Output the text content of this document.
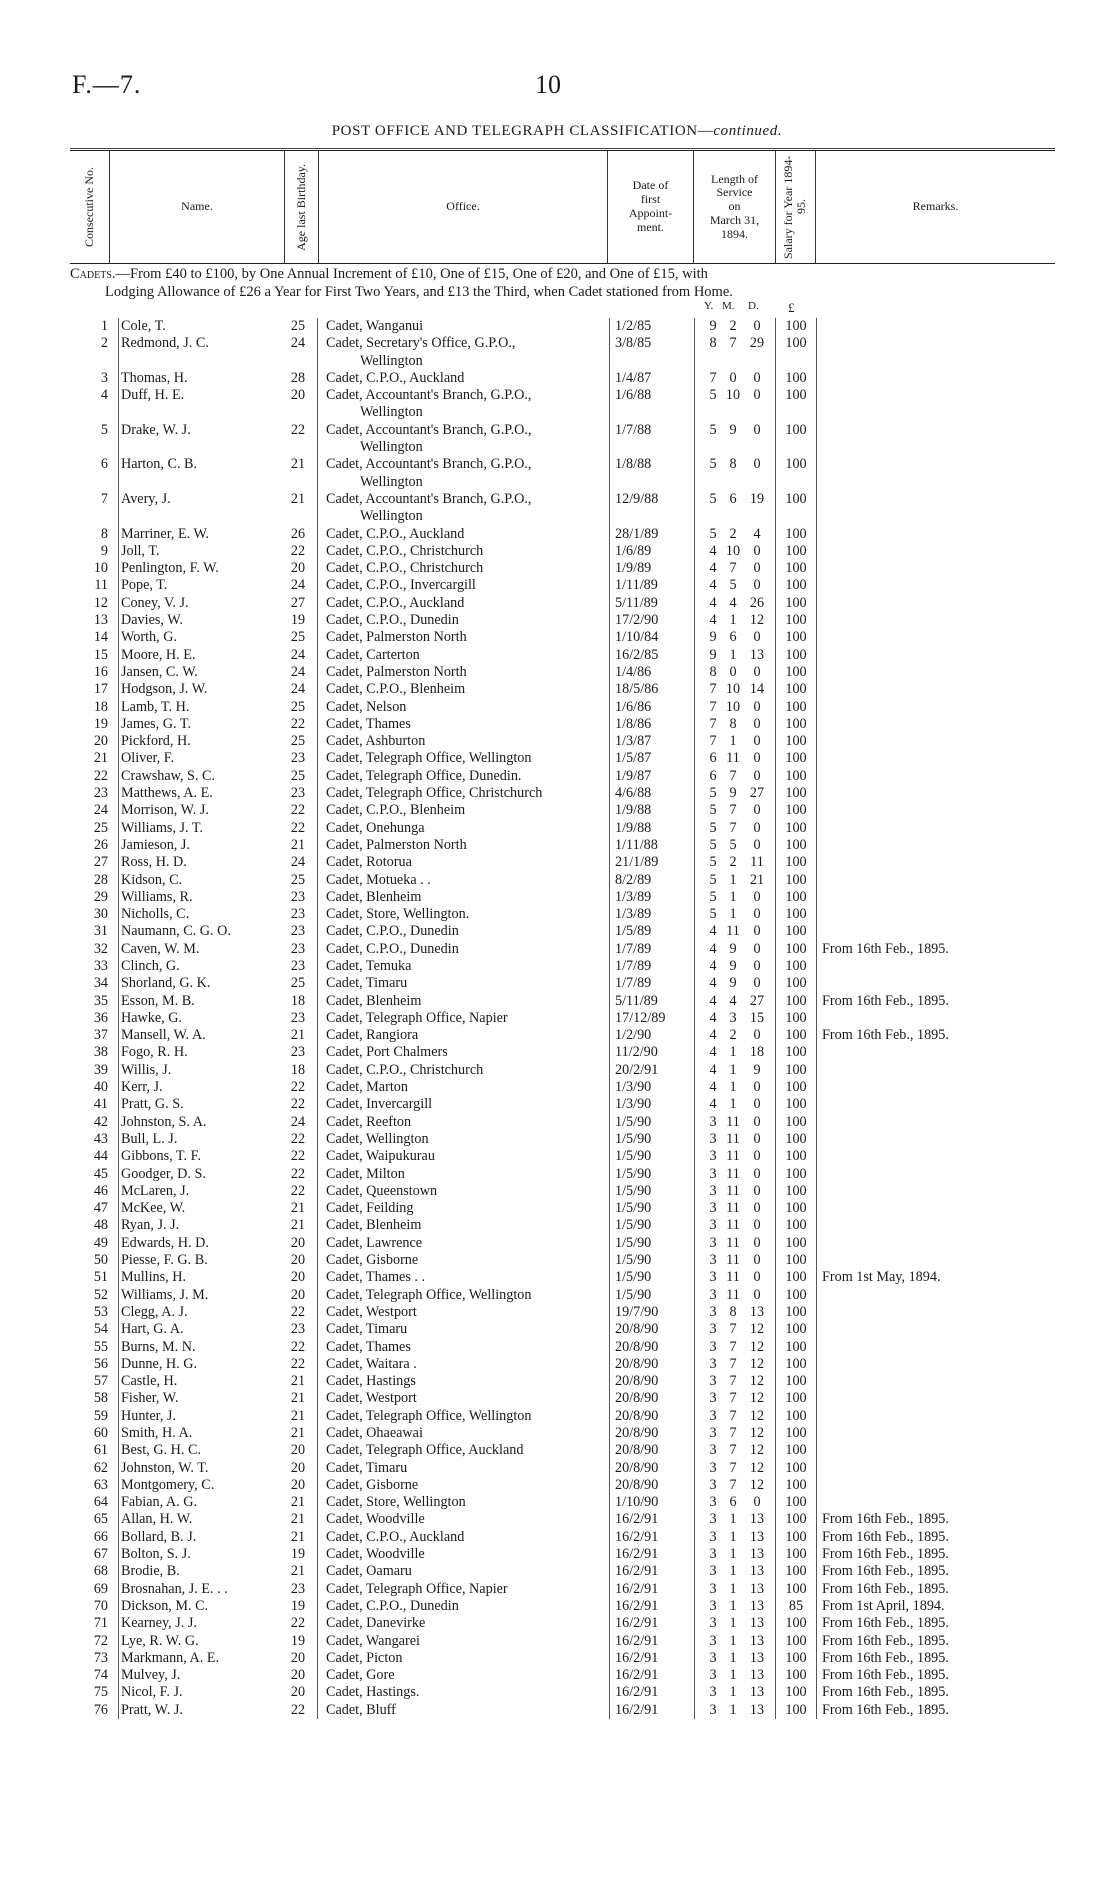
F.—7.	10
POST OFFICE AND TELEGRAPH CLASSIFICATION—continued.
Consecutive No.	Name.	Age last Birthday.	Office.
Date of
first
Appoint-
ment.
Length of
Service
on
March 31,
1894.	Salary for Year 1894-95.	Remarks.
Cadets.—From £40 to £100, by One Annual Increment of £10, One of £15, One of £20, and One of £15, with
Lodging Allowance of £26 a Year for First Two Years, and £13 the Third, when Cadet stationed from Home.
Y. M. D. £
1 Cole, T.	25	Cadet, Wanganui	1/2/85	9 2	0	100
2 Redmond, J. C.	24	Cadet, Secretary's Office, G.P.O.,	3/8/85	8 7 29	100
Wellington
3 Thomas, H.	28	Cadet, C.P.O., Auckland	1/4/87	7 0	0	100
4 Duff, H. E.	20	Cadet, Accountant's Branch, G.P.O.,	1/6/88	5 10 0	100
Wellington
5 Drake, W. J.	22	Cadet, Accountant's Branch, G.P.O.,	1/7/88	5 9	0	100
Wellington
6 Harton, C. B.	21	Cadet, Accountant's Branch, G.P.O.,	1/8/88	5 8	0	100
Wellington
7 Avery, J.	21	Cadet, Accountant's Branch, G.P.O.,	12/9/88	5 6 19	100
Wellington
8 Marriner, E. W.	26	Cadet, C.P.O., Auckland	28/1/89	5 2	4	100
9 Joll, T.	22	Cadet, C.P.O., Christchurch	1/6/89	4 10 0	100
10 Penlington, F. W.	20	Cadet, C.P.O., Christchurch	1/9/89	4 7	0	100
11 Pope, T.	24	Cadet, C.P.O., Invercargill	1/11/89	4 5	0	100
12 Coney, V. J.	27	Cadet, C.P.O., Auckland	5/11/89	4 4 26	100
13 Davies, W.	19	Cadet, C.P.O., Dunedin	17/2/90	4 1 12	100
14 Worth, G.	25	Cadet, Palmerston North	1/10/84	9 6	0	100
15 Moore, H. E.	24	Cadet, Carterton	16/2/85	9 1 13	100
16 Jansen, C. W.	24	Cadet, Palmerston North	1/4/86	8 0	0	100
17 Hodgson, J. W.	24	Cadet, C.P.O., Blenheim	18/5/86	7 10 14	100
18 Lamb, T. H.	25	Cadet, Nelson	1/6/86	7 10 0	100
19 James, G. T.	22	Cadet, Thames	1/8/86	7 8	0	100
20 Pickford, H.	25	Cadet, Ashburton	1/3/87	7 1	0	100
21 Oliver, F.	23	Cadet, Telegraph Office, Wellington	1/5/87	6 11 0	100
22 Crawshaw, S. C.	25	Cadet, Telegraph Office, Dunedin.	1/9/87	6 7	0	100
23 Matthews, A. E.	23	Cadet, Telegraph Office, Christchurch	4/6/88	5 9 27	100
24 Morrison, W. J.	22	Cadet, C.P.O., Blenheim	1/9/88	5 7	0	100
25 Williams, J. T.	22	Cadet, Onehunga	1/9/88	5 7	0	100
26 Jamieson, J.	21	Cadet, Palmerston North	1/11/88	5 5	0	100
27 Ross, H. D.	24	Cadet, Rotorua	21/1/89	5 2 11	100
28 Kidson, C.	25	Cadet, Motueka . .	8/2/89	5 1 21	100
29 Williams, R.	23	Cadet, Blenheim	1/3/89	5 1	0	100
30 Nicholls, C.	23	Cadet, Store, Wellington.	1/3/89	5 1	0	100
31 Naumann, C. G. O.	23	Cadet, C.P.O., Dunedin	1/5/89	4 11 0	100
32 Caven, W. M.	23	Cadet, C.P.O., Dunedin	1/7/89	4 9	0	100	From 16th Feb., 1895.
33 Clinch, G.	23	Cadet, Temuka	1/7/89	4 9	0	100
34 Shorland, G. K.	25	Cadet, Timaru	1/7/89	4 9	0	100
35 Esson, M. B.	18	Cadet, Blenheim	5/11/89	4 4 27	100	From 16th Feb., 1895.
36 Hawke, G.	23	Cadet, Telegraph Office, Napier	17/12/89	4 3 15	100
37 Mansell, W. A.	21	Cadet, Rangiora	1/2/90	4 2	0	100	From 16th Feb., 1895.
38 Fogo, R. H.	23	Cadet, Port Chalmers	11/2/90	4 1 18	100
39 Willis, J.	18	Cadet, C.P.O., Christchurch	20/2/91	4 1	9	100
40 Kerr, J.	22	Cadet, Marton	1/3/90	4 1	0	100
41 Pratt, G. S.	22	Cadet, Invercargill	1/3/90	4 1	0	100
42 Johnston, S. A.	24	Cadet, Reefton	1/5/90	3 11 0	100
43 Bull, L. J.	22	Cadet, Wellington	1/5/90	3 11 0	100
44 Gibbons, T. F.	22	Cadet, Waipukurau	1/5/90	3 11 0	100
45 Goodger, D. S.	22	Cadet, Milton	1/5/90	3 11 0	100
46 McLaren, J.	22	Cadet, Queenstown	1/5/90	3 11 0	100
47 McKee, W.	21	Cadet, Feilding	1/5/90	3 11 0	100
48 Ryan, J. J.	21	Cadet, Blenheim	1/5/90	3 11 0	100
49 Edwards, H. D.	20	Cadet, Lawrence	1/5/90	3 11 0	100
50 Piesse, F. G. B.	20	Cadet, Gisborne	1/5/90	3 11 0	100
51 Mullins, H.	20	Cadet, Thames . .	1/5/90	3 11 0	100	From 1st May, 1894.
52 Williams, J. M.	20	Cadet, Telegraph Office, Wellington	1/5/90	3 11 0	100
53 Clegg, A. J.	22	Cadet, Westport	19/7/90	3 8 13	100
54 Hart, G. A.	23	Cadet, Timaru	20/8/90	3 7 12	100
55 Burns, M. N.	22	Cadet, Thames	20/8/90	3 7 12	100
56 Dunne, H. G.	22	Cadet, Waitara .	20/8/90	3 7 12	100
57 Castle, H.	21	Cadet, Hastings	20/8/90	3 7 12	100
58 Fisher, W.	21	Cadet, Westport	20/8/90	3 7 12	100
59 Hunter, J.	21	Cadet, Telegraph Office, Wellington	20/8/90	3 7 12	100
60 Smith, H. A.	21	Cadet, Ohaeawai	20/8/90	3 7 12	100
61 Best, G. H. C.	20	Cadet, Telegraph Office, Auckland	20/8/90	3 7 12	100
62 Johnston, W. T.	20	Cadet, Timaru	20/8/90	3 7 12	100
63 Montgomery, C.	20	Cadet, Gisborne	20/8/90	3 7 12	100
64 Fabian, A. G.	21	Cadet, Store, Wellington	1/10/90	3 6	0	100
65 Allan, H. W.	21	Cadet, Woodville	16/2/91	3 1 13	100	From 16th Feb., 1895.
66 Bollard, B. J.	21	Cadet, C.P.O., Auckland	16/2/91	3 1 13	100	From 16th Feb., 1895.
67 Bolton, S. J.	19	Cadet, Woodville	16/2/91	3 1 13	100	From 16th Feb., 1895.
68 Brodie, B.	21	Cadet, Oamaru	16/2/91	3 1 13	100	From 16th Feb., 1895.
69 Brosnahan, J. E. . .	23	Cadet, Telegraph Office, Napier	16/2/91	3 1 13	100	From 16th Feb., 1895.
70 Dickson, M. C.	19	Cadet, C.P.O., Dunedin	16/2/91	3 1 13	85	From 1st April, 1894.
71 Kearney, J. J.	22	Cadet, Danevirke	16/2/91	3 1 13	100	From 16th Feb., 1895.
72 Lye, R. W. G.	19	Cadet, Wangarei	16/2/91	3 1 13	100	From 16th Feb., 1895.
73 Markmann, A. E.	20	Cadet, Picton	16/2/91	3 1 13	100	From 16th Feb., 1895.
74 Mulvey, J.	20	Cadet, Gore	16/2/91	3 1 13	100	From 16th Feb., 1895.
75 Nicol, F. J.	20	Cadet, Hastings.	16/2/91	3 1 13	100	From 16th Feb., 1895.
76 Pratt, W. J.	22	Cadet, Bluff	16/2/91	3 1 13	100	From 16th Feb., 1895.
